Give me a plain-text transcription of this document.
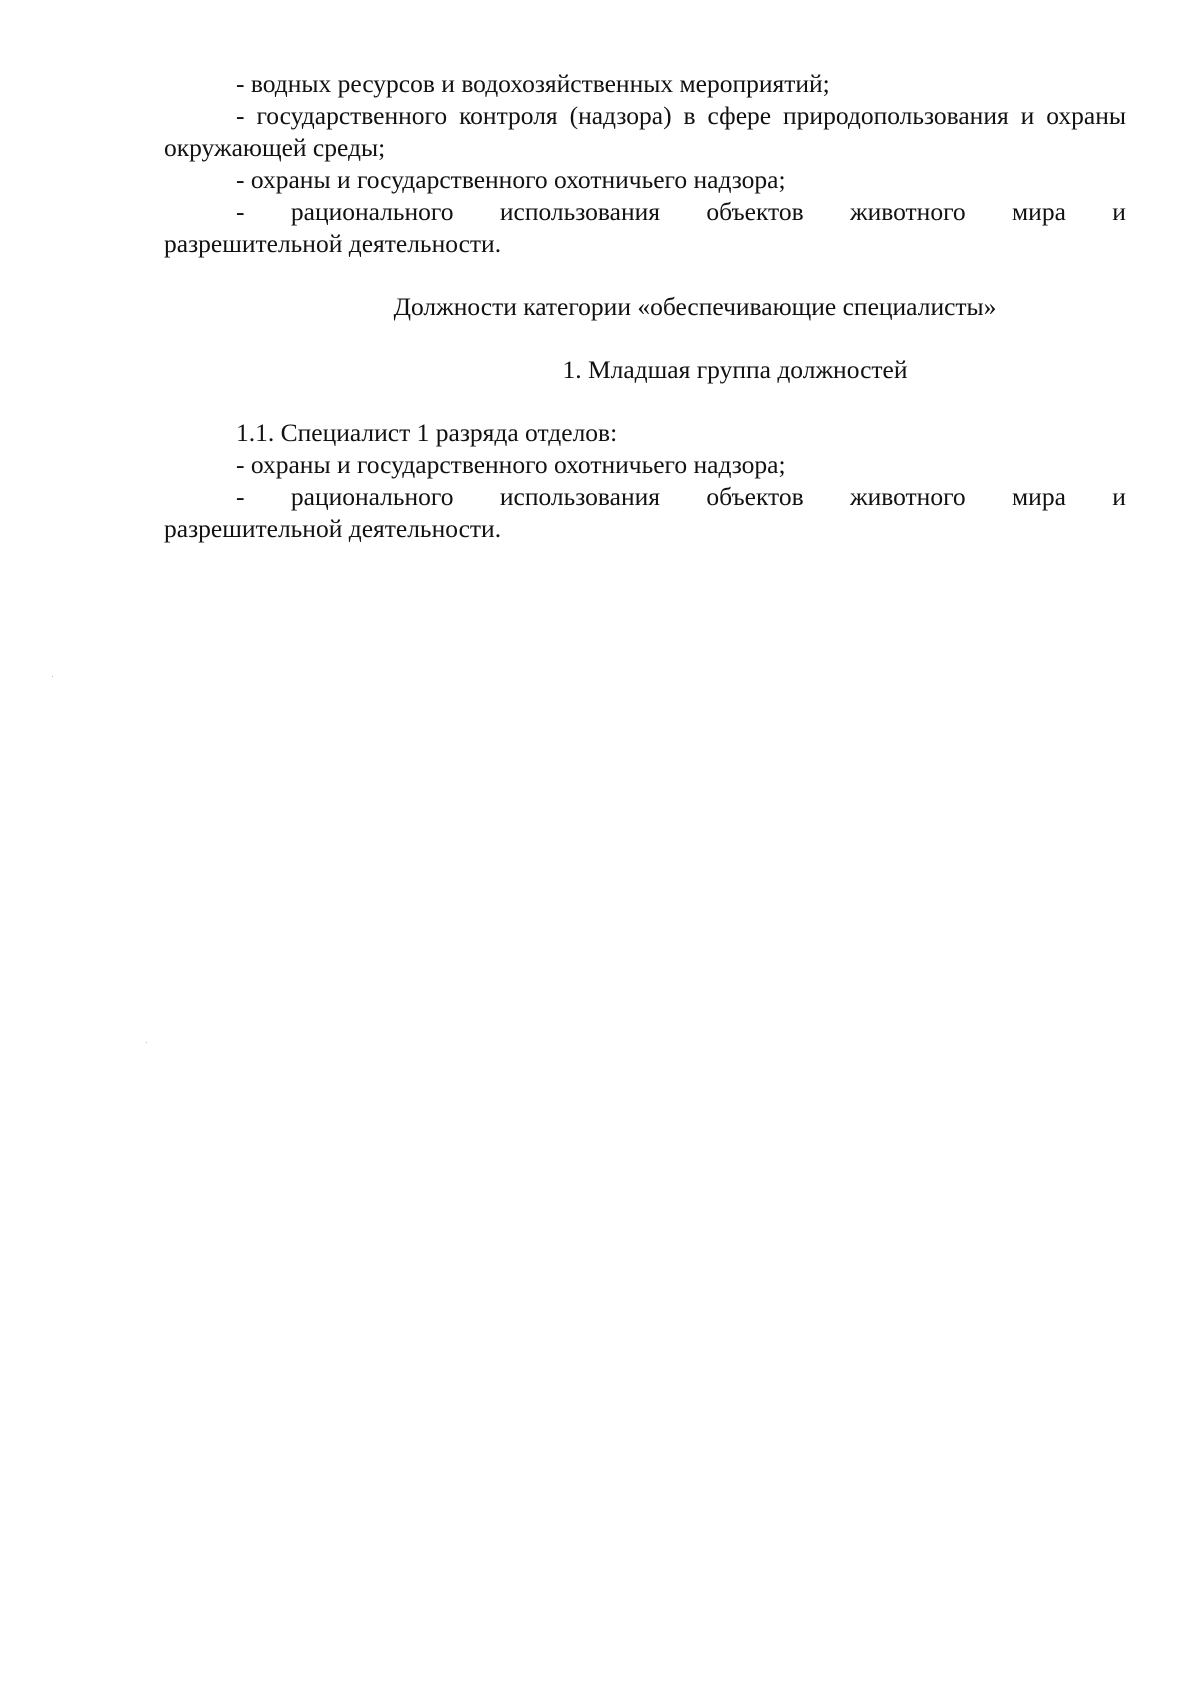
- водных ресурсов и водохозяйственных мероприятий;

- государственного контроля (надзора) в сфере природопользования и охраны окружающей среды;

- охраны и государственного охотничьего надзора;

- рационального использования объектов животного мира и

разрешительной деятельности.

Должности категории «обеспечивающие специалисты»

1. Младшая группа должностей

1.1. Специалист 1 разряда отделов:

- охраны и государственного охотничьего надзора;

- рационального использования объектов животного мира и

разрешительной деятельности.
